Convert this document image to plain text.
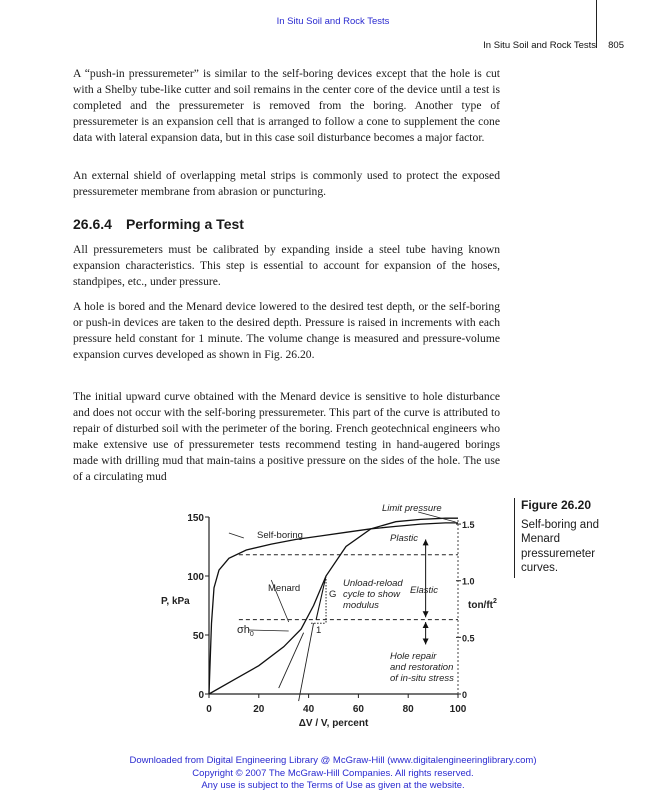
In Situ Soil and Rock Tests
In Situ Soil and Rock Tests 805

A “push-in pressuremeter” is similar to the self-boring devices except that the hole is cut with a Shelby tube-like cutter and soil remains in the center core of the device until a test is completed and the pressuremeter is removed from the boring. Another type of pressuremeter is an expansion cell that is arranged to follow a cone to supplement the cone data with lateral expansion data, but in this case soil disturbance becomes a major factor.

An external shield of overlapping metal strips is commonly used to protect the exposed pressuremeter membrane from abrasion or puncturing.

26.6.4 Performing a Test

All pressuremeters must be calibrated by expanding inside a steel tube having known expansion characteristics. This step is essential to account for expansion of the hoses, standpipes, etc., under pressure.

A hole is bored and the Menard device lowered to the desired test depth, or the self-boring or push-in devices are taken to the desired depth. Pressure is raised in increments with each pressure held constant for 1 minute. The volume change is measured and pressure-volume expansion curves developed as shown in Fig. 26.20.

The initial upward curve obtained with the Menard device is sensitive to hole disturbance and does not occur with the self-boring pressuremeter. This part of the curve is attributed to repair of disturbed soil with the perimeter of the boring. French geotechnical engineers who make extensive use of pressuremeter tests recommend testing in hand-augered borings made with drilling mud that main-tains a positive pressure on the sides of the hole. The use of a circulating mud

0	20	40	60	80	100
0
50
100
150
0
0.5
1.0
1.5
ΔV / V, percent
P, kPa	ton/$ft^2$
Limit pressure
Self-boring	Plastic
Menard
G
Unload-reload
cycle to show
modulus
Elastic
$\sigma h_0$	1
Hole repair
and restoration
of in-situ stress
Figure 26.20
Self-boring and Menard pressuremeter curves.
Downloaded from Digital Engineering Library @ McGraw-Hill (www.digitalengineeringlibrary.com)
Copyright © 2007 The McGraw-Hill Companies. All rights reserved.
Any use is subject to the Terms of Use as given at the website.
